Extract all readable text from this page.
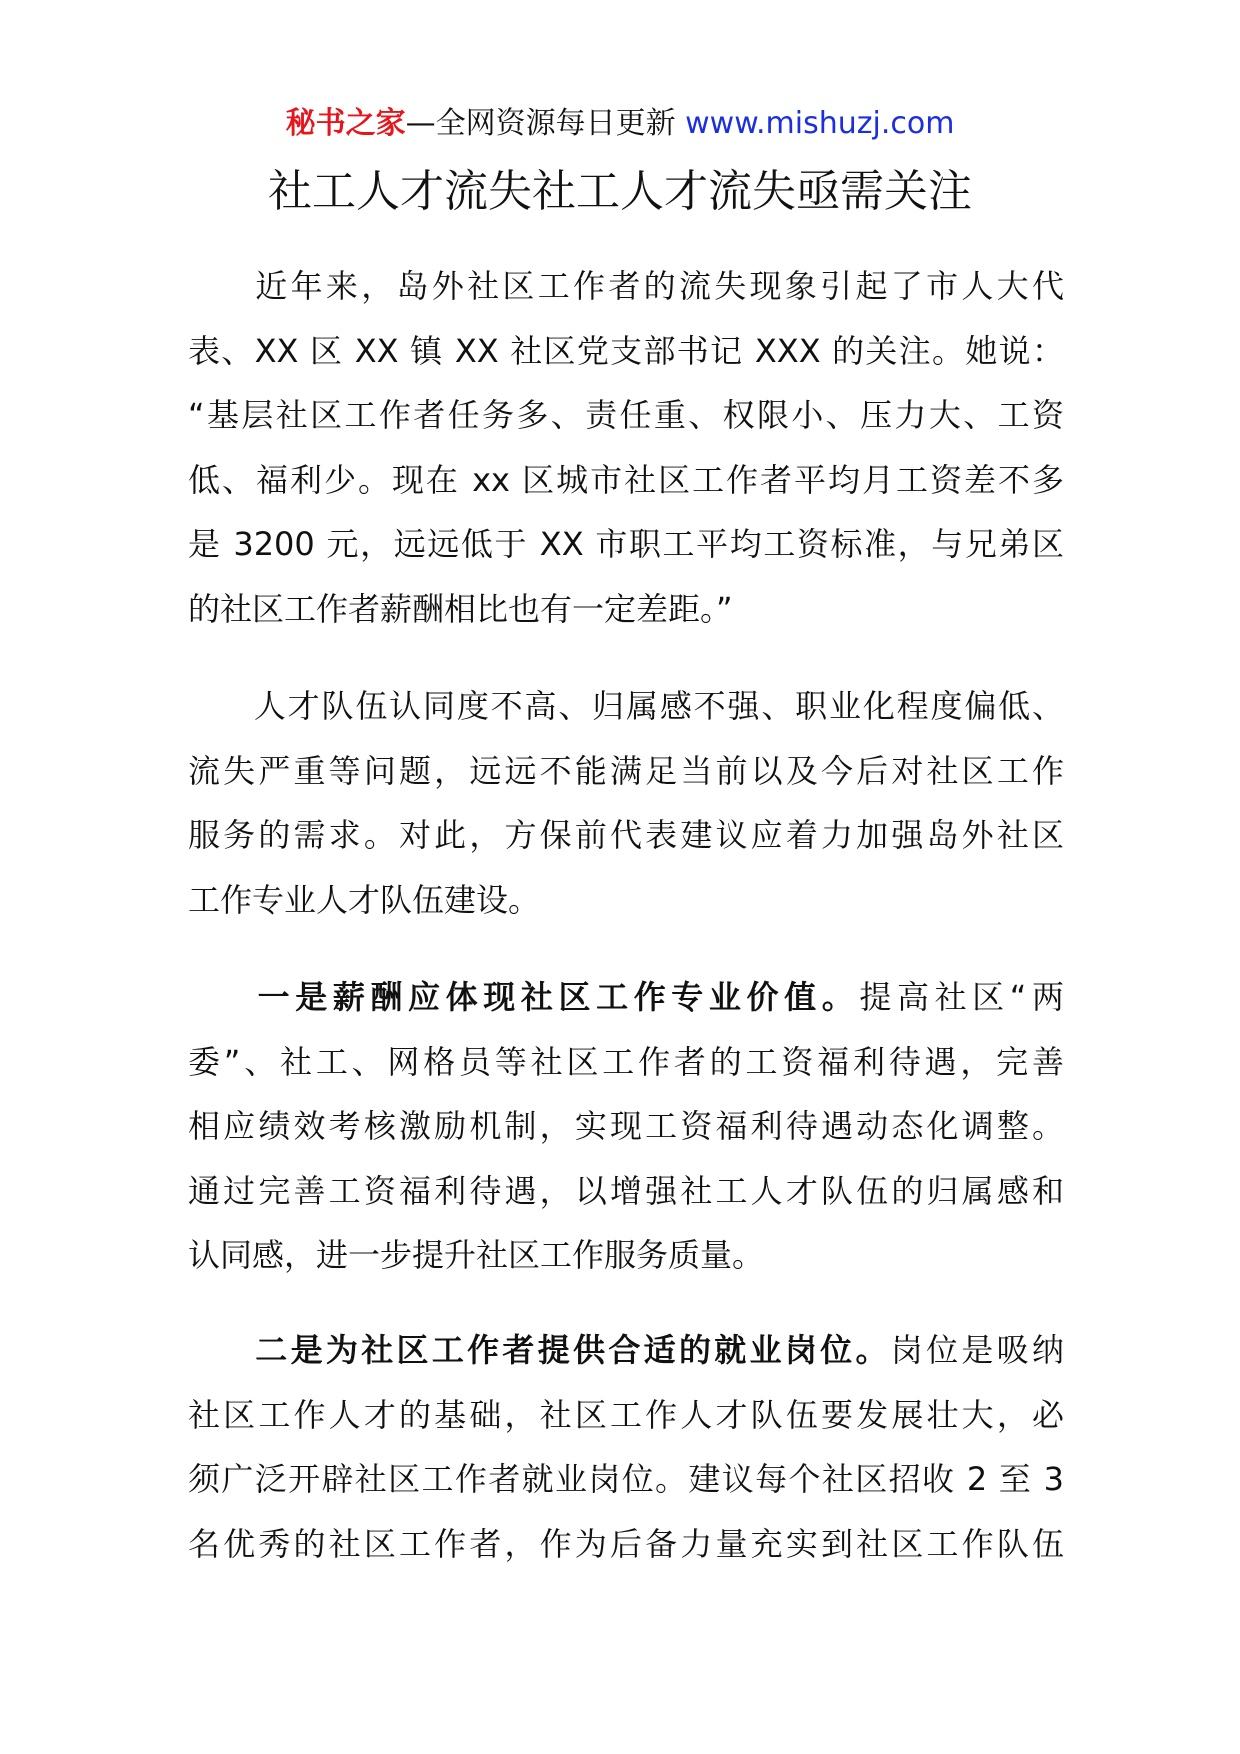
秘书之家—全网资源每日更新 www.mishuzj.com
社工人才流失社工人才流失亟需关注
近年来，岛外社区工作者的流失现象引起了市人大代
表、XX 区 XX 镇 XX 社区党支部书记 XXX 的关注。她说：
“基层社区工作者任务多、责任重、权限小、压力大、工资
低、福利少。现在 xx 区城市社区工作者平均月工资差不多
是 3200 元，远远低于 XX 市职工平均工资标准，与兄弟区
的社区工作者薪酬相比也有一定差距。”
人才队伍认同度不高、归属感不强、职业化程度偏低、
流失严重等问题，远远不能满足当前以及今后对社区工作
服务的需求。对此，方保前代表建议应着力加强岛外社区
工作专业人才队伍建设。
一是薪酬应体现社区工作专业价值。提高社区“两
委”、社工、网格员等社区工作者的工资福利待遇，完善
相应绩效考核激励机制，实现工资福利待遇动态化调整。
通过完善工资福利待遇，以增强社工人才队伍的归属感和
认同感，进一步提升社区工作服务质量。
二是为社区工作者提供合适的就业岗位。岗位是吸纳
社区工作人才的基础，社区工作人才队伍要发展壮大，必
须广泛开辟社区工作者就业岗位。建议每个社区招收 2 至 3
名优秀的社区工作者，作为后备力量充实到社区工作队伍
